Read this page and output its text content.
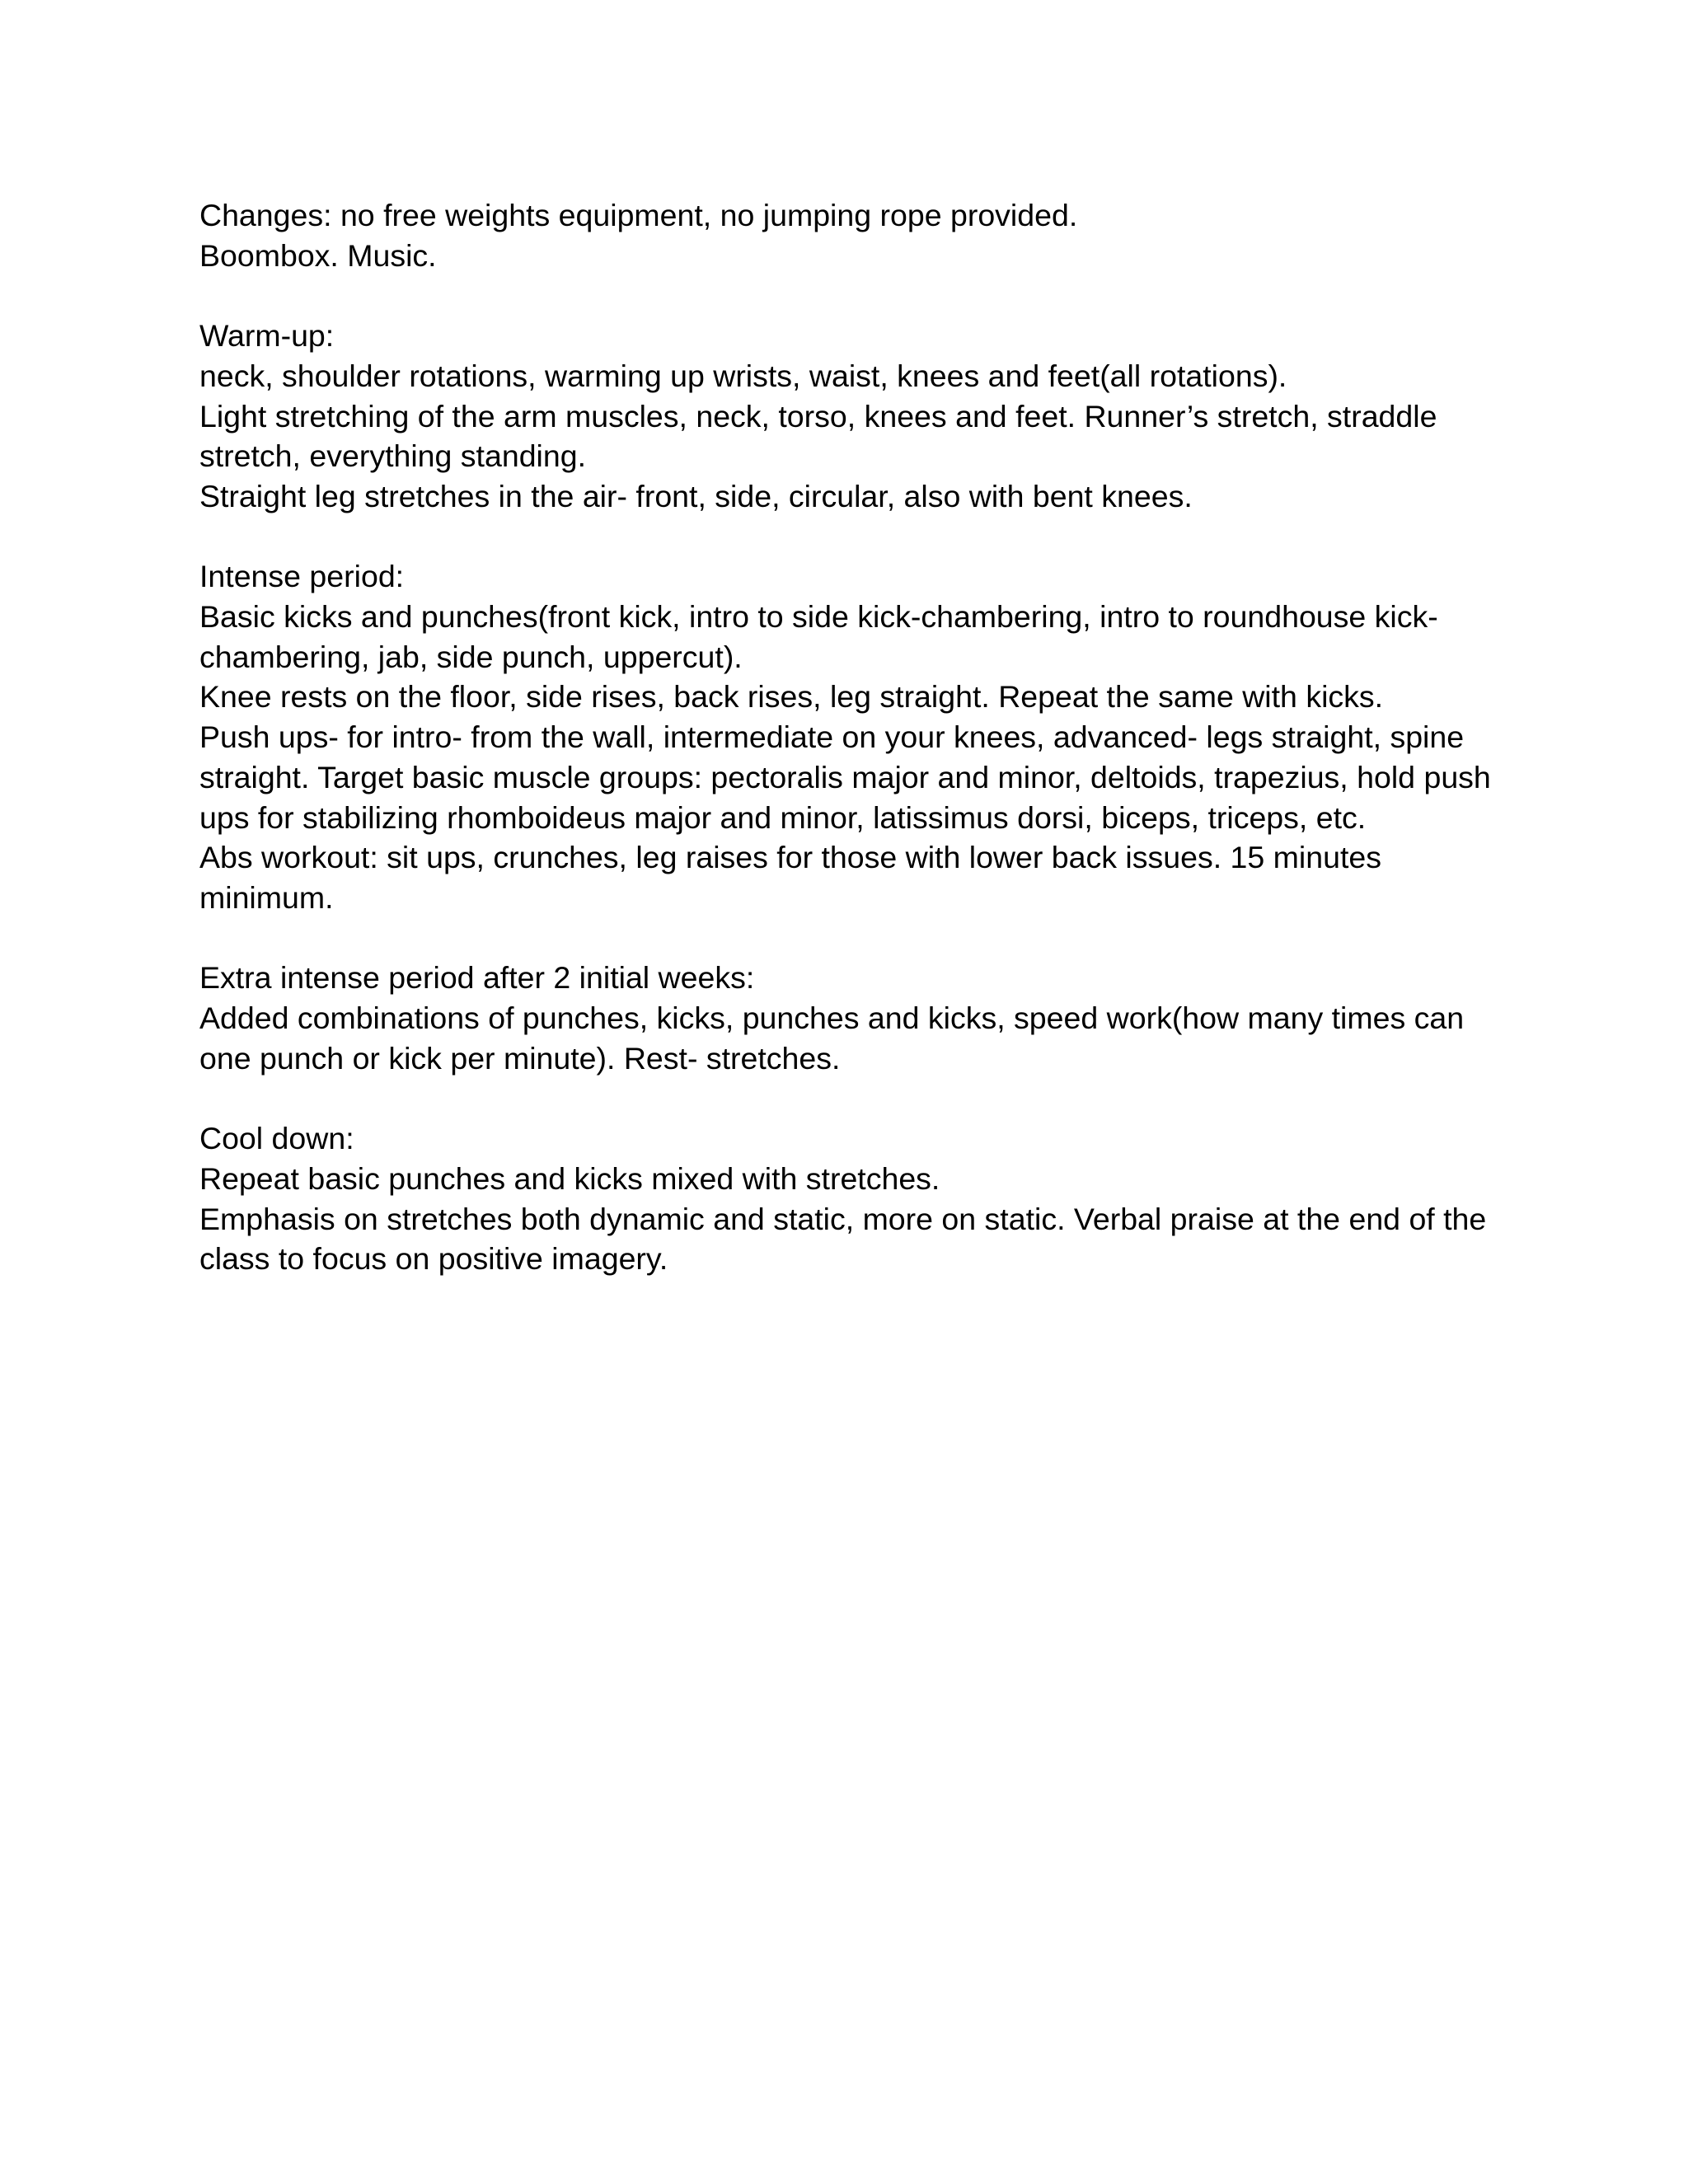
Changes: no free weights equipment, no jumping rope provided.
Boombox. Music.
Warm-up:
neck, shoulder rotations, warming up wrists, waist, knees and feet(all rotations).
Light stretching of the arm muscles, neck, torso, knees and feet. Runner’s stretch, straddle
stretch, everything standing.
Straight leg stretches in the air- front, side, circular, also with bent knees.
Intense period:
Basic kicks and punches(front kick, intro to side kick-chambering, intro to roundhouse kick-
chambering, jab, side punch, uppercut).
Knee rests on the floor, side rises, back rises, leg straight. Repeat the same with kicks.
Push ups- for intro- from the wall, intermediate on your knees, advanced- legs straight, spine
straight. Target basic muscle groups: pectoralis major and minor, deltoids, trapezius, hold push
ups for stabilizing rhomboideus major and minor, latissimus dorsi, biceps, triceps, etc.
Abs workout: sit ups, crunches, leg raises for those with lower back issues. 15 minutes
minimum.
Extra intense period after 2 initial weeks:
Added combinations of punches, kicks, punches and kicks, speed work(how many times can
one punch or kick per minute). Rest- stretches.
Cool down:
Repeat basic punches and kicks mixed with stretches.
Emphasis on stretches both dynamic and static, more on static. Verbal praise at the end of the
class to focus on positive imagery.
